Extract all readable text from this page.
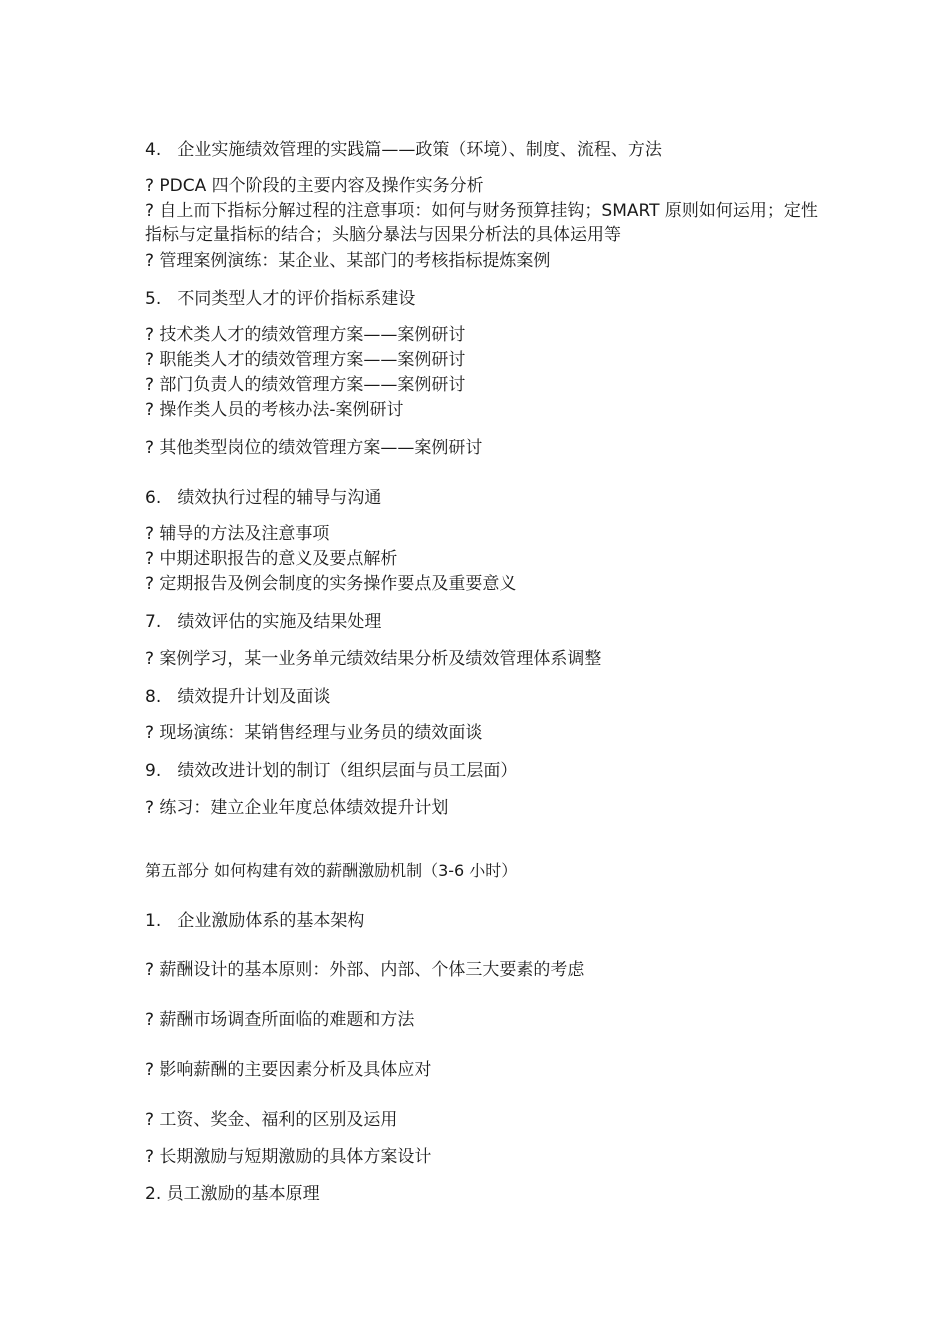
4.   企业实施绩效管理的实践篇——政策（环境）、制度、流程、方法
? PDCA 四个阶段的主要内容及操作实务分析
? 自上而下指标分解过程的注意事项：如何与财务预算挂钩；SMART 原则如何运用；定性指标与定量指标的结合；头脑分暴法与因果分析法的具体运用等
? 管理案例演练：某企业、某部门的考核指标提炼案例
5.   不同类型人才的评价指标系建设
? 技术类人才的绩效管理方案——案例研讨
? 职能类人才的绩效管理方案——案例研讨
? 部门负责人的绩效管理方案——案例研讨
? 操作类人员的考核办法-案例研讨
? 其他类型岗位的绩效管理方案——案例研讨
6.   绩效执行过程的辅导与沟通
? 辅导的方法及注意事项
? 中期述职报告的意义及要点解析
? 定期报告及例会制度的实务操作要点及重要意义
7.   绩效评估的实施及结果处理
? 案例学习，某一业务单元绩效结果分析及绩效管理体系调整
8.   绩效提升计划及面谈
? 现场演练：某销售经理与业务员的绩效面谈
9.   绩效改进计划的制订（组织层面与员工层面）
? 练习：建立企业年度总体绩效提升计划
第五部分 如何构建有效的薪酬激励机制（3-6 小时）
1.   企业激励体系的基本架构
? 薪酬设计的基本原则：外部、内部、个体三大要素的考虑
? 薪酬市场调查所面临的难题和方法
? 影响薪酬的主要因素分析及具体应对
? 工资、奖金、福利的区别及运用
? 长期激励与短期激励的具体方案设计
2. 员工激励的基本原理
